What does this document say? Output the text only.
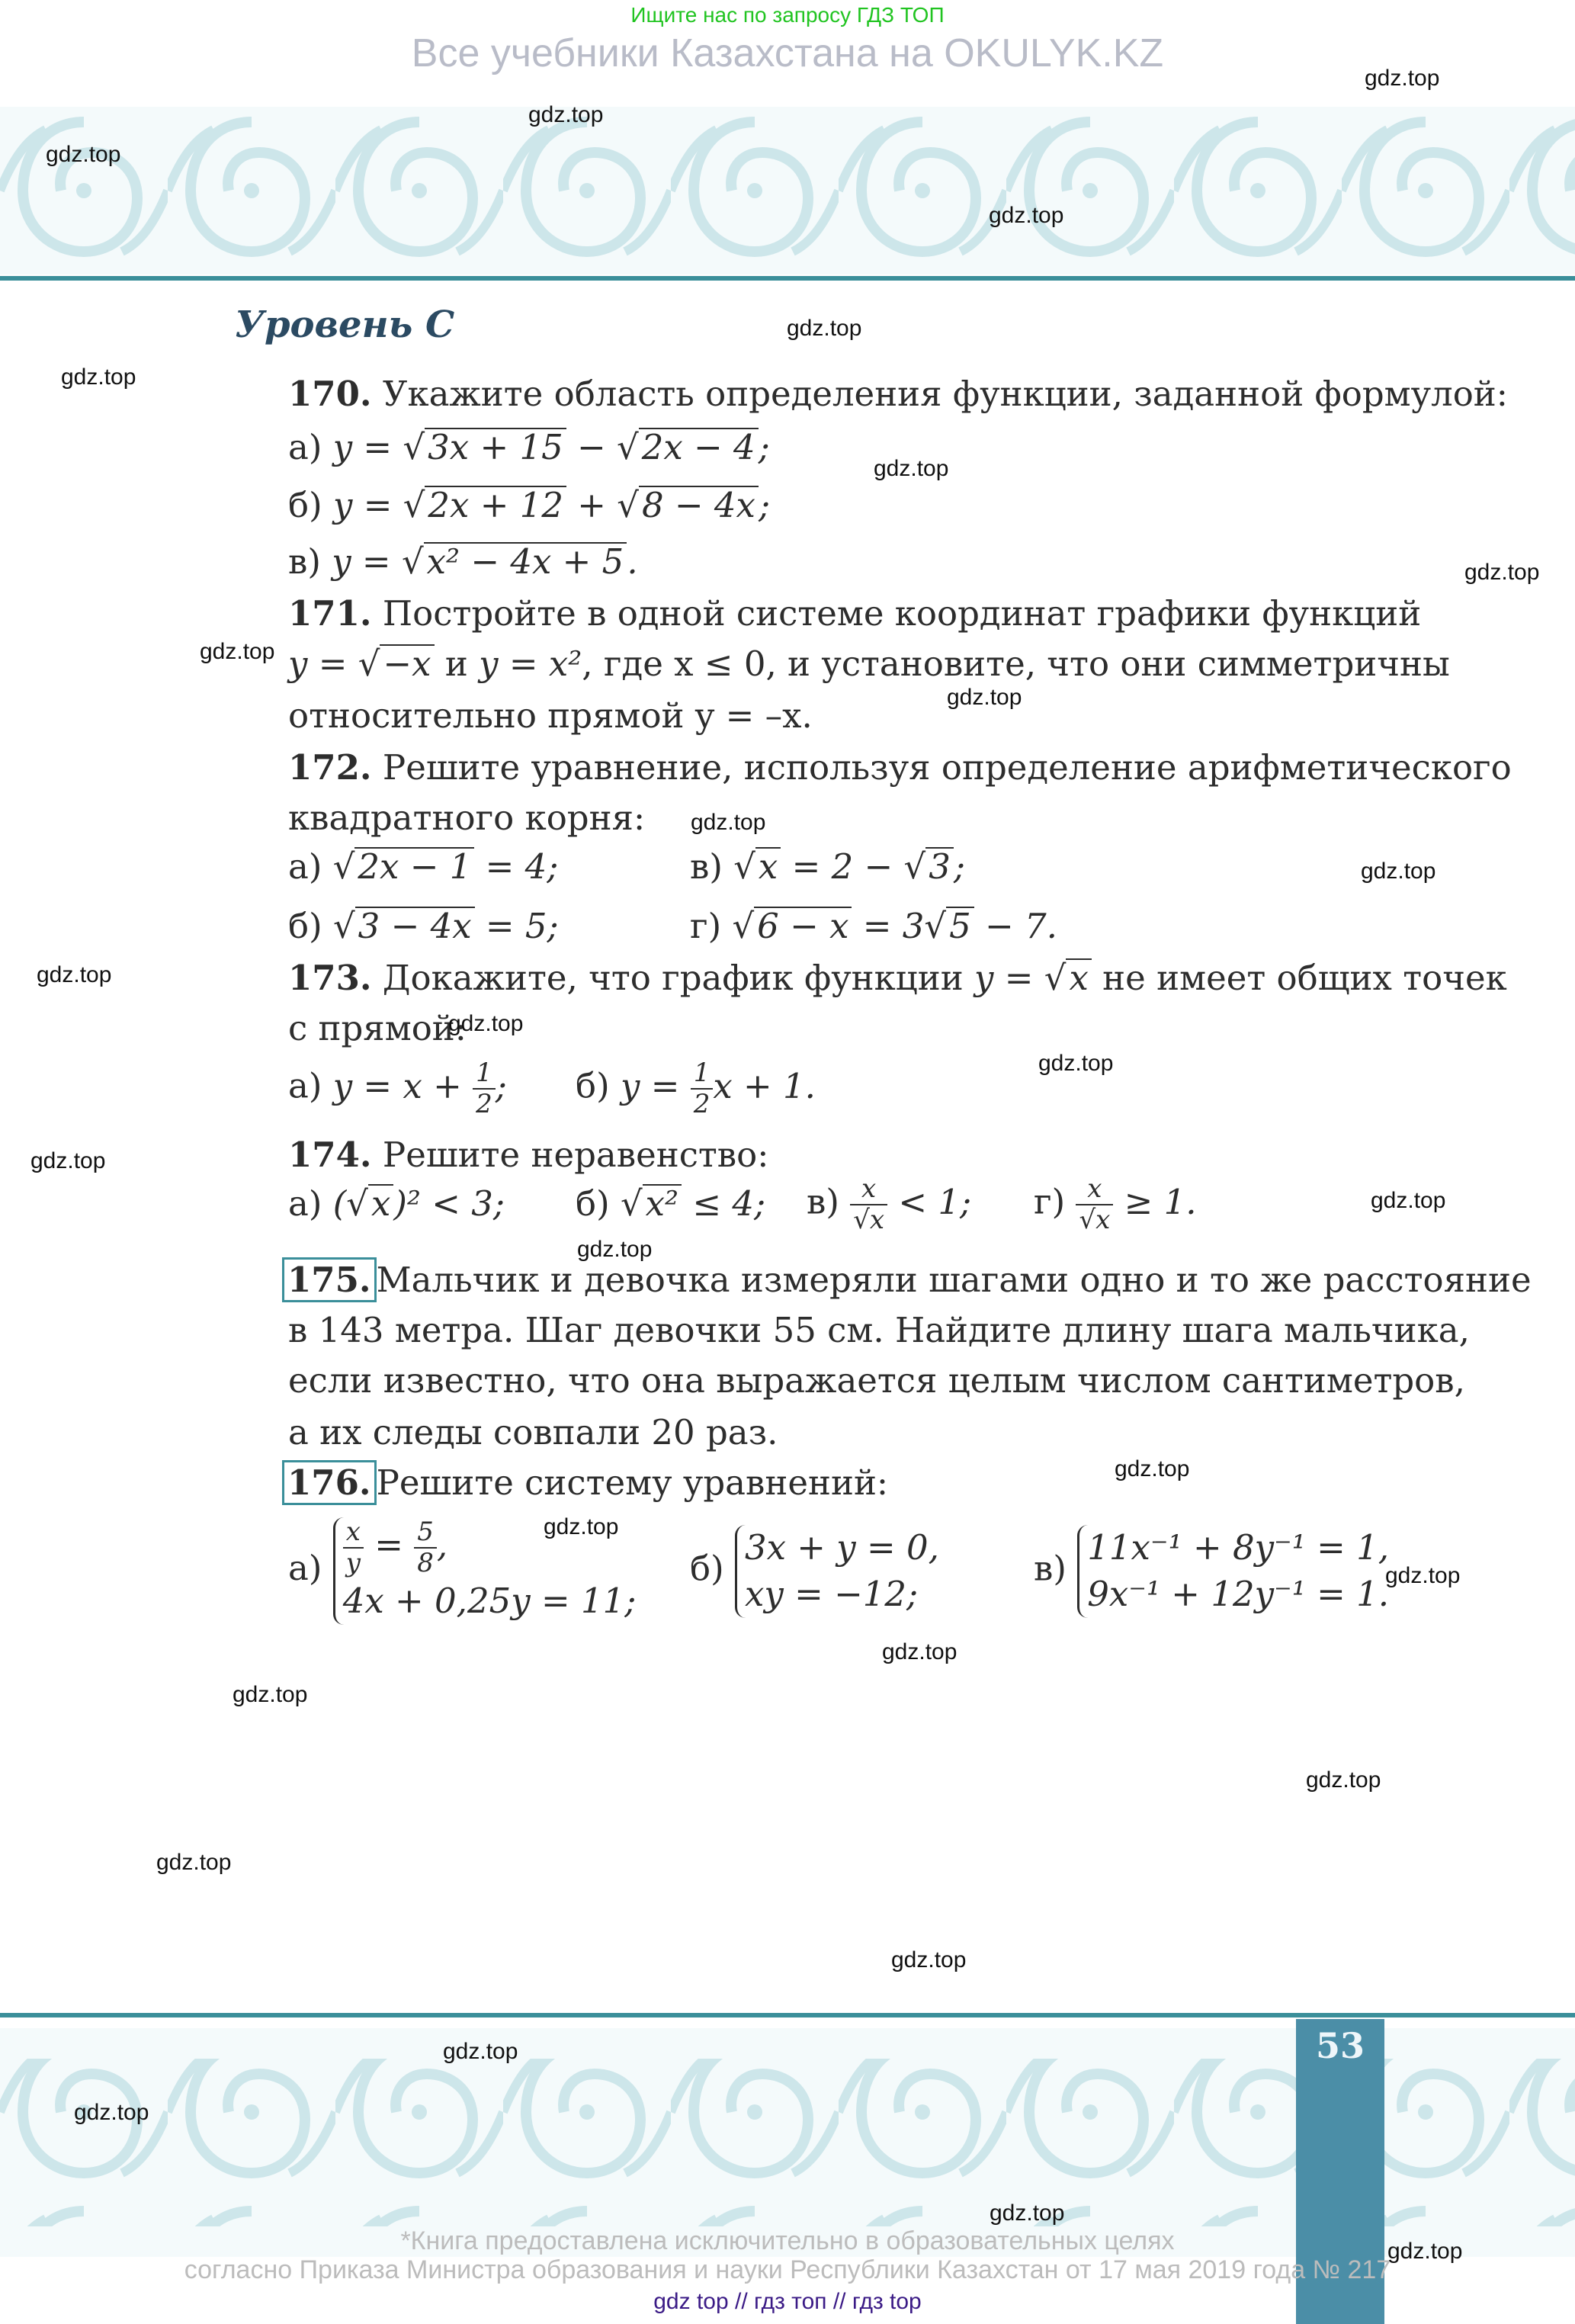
Ищите нас по запросу ГДЗ ТОП
Все учебники Казахстана на OKULYK.KZ
Уровень C
170. Укажите область определения функции, заданной формулой:
а) y = √3x + 15 − √2x − 4;
б) y = √2x + 12 + √8 − 4x;
в) y = √x² − 4x + 5.
171. Постройте в одной системе координат графики функций
y = √−x и y = x², где x ≤ 0, и установите, что они симметричны
относительно прямой y = –x.
172. Решите уравнение, используя определение арифметического
квадратного корня:
а) √2x − 1 = 4;	в) √x = 2 − √3;
б) √3 − 4x = 5;	г) √6 − x = 3√5 − 7.
173. Докажите, что график функции y = √x не имеет общих точек
с прямой:
а) $y = x + \frac{1}{2}$ ; б) $y = \frac{1}{2}$ x + 1.
174. Решите неравенство:
а) (√x)² < 3; б) √x² ≤ 4; $в) \frac{x}{√x} < 1$; $г) \frac{x}{√x} \ge 1$.
175. Мальчик и девочка измеряли шагами одно и то же расстояние
в 143 метра. Шаг девочки 55 см. Найдите длину шага мальчика,
если известно, что она выражается целым числом сантиметров,
а их следы совпали 20 раз.
176. Решите систему уравнений:
$а) \frac{x}{y} = \frac{5}{8}$ ,
4x + 0,25y = 11;
б)
3x + y = 0,
xy = −12;
в)
11x⁻¹ + 8y⁻¹ = 1,
9x⁻¹ + 12y⁻¹ = 1.
53
*Книга предоставлена исключительно в образовательных целях
согласно Приказа Министра образования и науки Республики Казахстан от 17 мая 2019 года № 217
gdz top // гдз топ // гдз top
gdz.top
gdz.top
gdz.top
gdz.top
gdz.top
gdz.top
gdz.top
gdz.top
gdz.top
gdz.top
gdz.top
gdz.top
gdz.top
gdz.top
gdz.top
gdz.top
gdz.top
gdz.top
gdz.top
gdz.top
gdz.top
gdz.top
gdz.top
gdz.top
gdz.top
gdz.top
gdz.top
gdz.top
gdz.top
gdz.top
